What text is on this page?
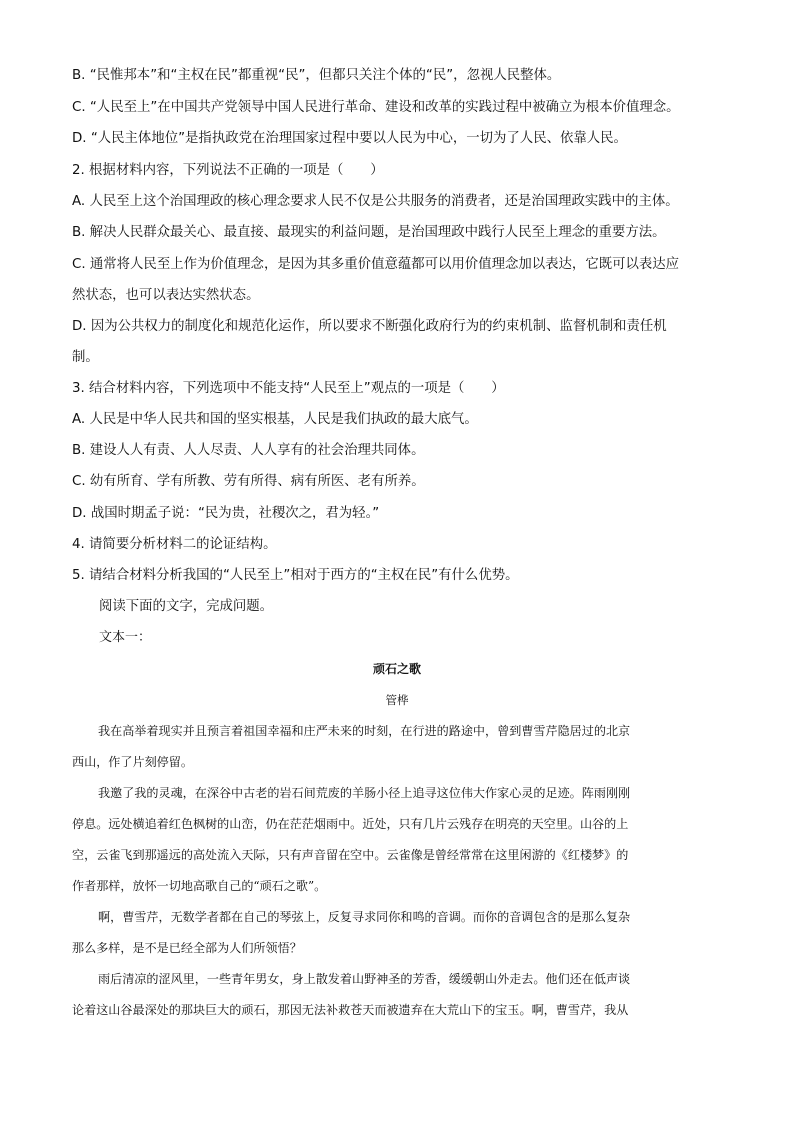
B. “民惟邦本”和“主权在民”都重视“民”，但都只关注个体的“民”，忽视人民整体。
C. “人民至上”在中国共产党领导中国人民进行革命、建设和改革的实践过程中被确立为根本价值理念。
D. “人民主体地位”是指执政党在治理国家过程中要以人民为中心，一切为了人民、依靠人民。
2. 根据材料内容，下列说法不正确的一项是（　　）
A. 人民至上这个治国理政的核心理念要求人民不仅是公共服务的消费者，还是治国理政实践中的主体。
B. 解决人民群众最关心、最直接、最现实的利益问题，是治国理政中践行人民至上理念的重要方法。
C. 通常将人民至上作为价值理念，是因为其多重价值意蕴都可以用价值理念加以表达，它既可以表达应
然状态，也可以表达实然状态。
D. 因为公共权力的制度化和规范化运作，所以要求不断强化政府行为的约束机制、监督机制和责任机
制。
3. 结合材料内容，下列选项中不能支持“人民至上”观点的一项是（　　）
A. 人民是中华人民共和国的坚实根基，人民是我们执政的最大底气。
B. 建设人人有责、人人尽责、人人享有的社会治理共同体。
C. 幼有所育、学有所教、劳有所得、病有所医、老有所养。
D. 战国时期孟子说：“民为贵，社稷次之，君为轻。”
4. 请简要分析材料二的论证结构。
5. 请结合材料分析我国的“人民至上”相对于西方的“主权在民”有什么优势。
阅读下面的文字，完成问题。
文本一：
顽石之歌
管桦
我在高举着现实并且预言着祖国幸福和庄严未来的时刻，在行进的路途中，曾到曹雪芹隐居过的北京
西山，作了片刻停留。
我邀了我的灵魂，在深谷中古老的岩石间荒废的羊肠小径上追寻这位伟大作家心灵的足迹。阵雨刚刚
停息。远处横追着红色枫树的山峦，仍在茫茫烟雨中。近处，只有几片云残存在明亮的天空里。山谷的上
空，云雀飞到那遥远的高处流入天际，只有声音留在空中。云雀像是曾经常常在这里闲游的《红楼梦》的
作者那样，放怀一切地高歌自己的“顽石之歌”。
啊，曹雪芹，无数学者都在自己的琴弦上，反复寻求同你和鸣的音调。而你的音调包含的是那么复杂
那么多样，是不是已经全部为人们所领悟？
雨后清凉的涩风里，一些青年男女，身上散发着山野神圣的芳香，缓缓朝山外走去。他们还在低声谈
论着这山谷最深处的那块巨大的顽石，那因无法补救苍天而被遗弃在大荒山下的宝玉。啊，曹雪芹，我从
